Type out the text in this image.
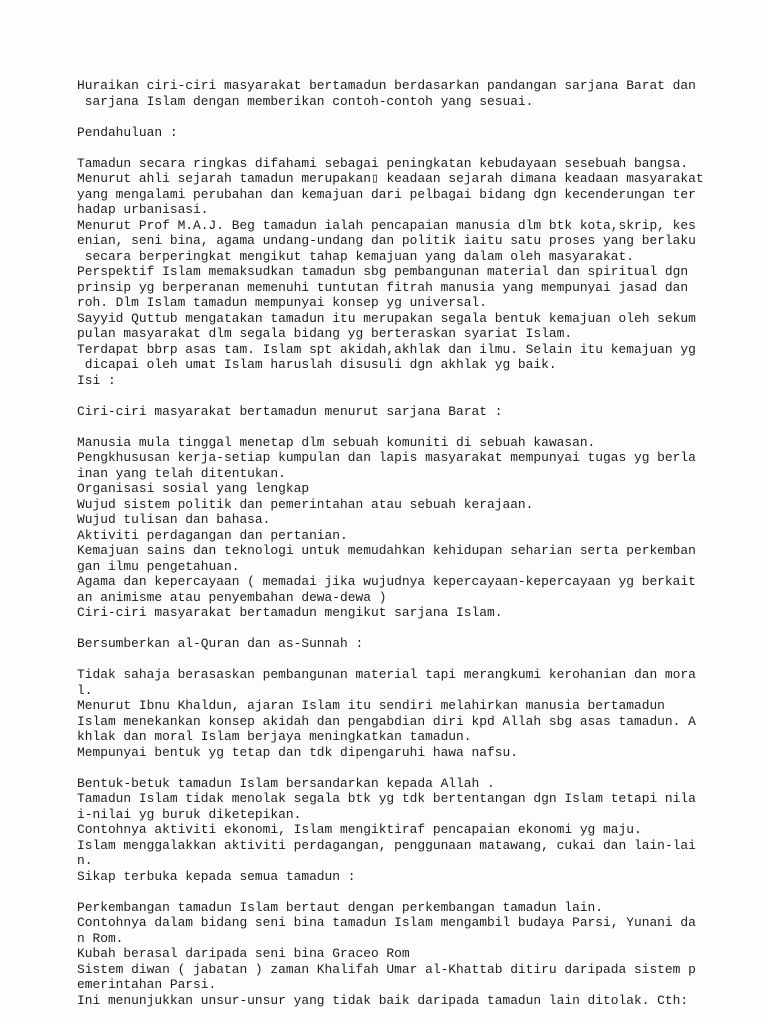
Huraikan ciri-ciri masyarakat bertamadun berdasarkan pandangan sarjana Barat dan
sarjana Islam dengan memberikan contoh-contoh yang sesuai.
Pendahuluan :
Tamadun secara ringkas difahami sebagai peningkatan kebudayaan sesebuah bangsa.
Menurut ahli sejarah tamadun merupakan▯ keadaan sejarah dimana keadaan masyarakat
yang mengalami perubahan dan kemajuan dari pelbagai bidang dgn kecenderungan ter
hadap urbanisasi.
Menurut Prof M.A.J. Beg tamadun ialah pencapaian manusia dlm btk kota,skrip, kes
enian, seni bina, agama undang-undang dan politik iaitu satu proses yang berlaku
secara berperingkat mengikut tahap kemajuan yang dalam oleh masyarakat.
Perspektif Islam memaksudkan tamadun sbg pembangunan material dan spiritual dgn
prinsip yg berperanan memenuhi tuntutan fitrah manusia yang mempunyai jasad dan
roh. Dlm Islam tamadun mempunyai konsep yg universal.
Sayyid Quttub mengatakan tamadun itu merupakan segala bentuk kemajuan oleh sekum
pulan masyarakat dlm segala bidang yg berteraskan syariat Islam.
Terdapat bbrp asas tam. Islam spt akidah,akhlak dan ilmu. Selain itu kemajuan yg
dicapai oleh umat Islam haruslah disusuli dgn akhlak yg baik.
Isi :
Ciri-ciri masyarakat bertamadun menurut sarjana Barat :
Manusia mula tinggal menetap dlm sebuah komuniti di sebuah kawasan.
Pengkhususan kerja-setiap kumpulan dan lapis masyarakat mempunyai tugas yg berla
inan yang telah ditentukan.
Organisasi sosial yang lengkap
Wujud sistem politik dan pemerintahan atau sebuah kerajaan.
Wujud tulisan dan bahasa.
Aktiviti perdagangan dan pertanian.
Kemajuan sains dan teknologi untuk memudahkan kehidupan seharian serta perkemban
gan ilmu pengetahuan.
Agama dan kepercayaan ( memadai jika wujudnya kepercayaan-kepercayaan yg berkait
an animisme atau penyembahan dewa-dewa )
Ciri-ciri masyarakat bertamadun mengikut sarjana Islam.
Bersumberkan al-Quran dan as-Sunnah :
Tidak sahaja berasaskan pembangunan material tapi merangkumi kerohanian dan mora
l.
Menurut Ibnu Khaldun, ajaran Islam itu sendiri melahirkan manusia bertamadun
Islam menekankan konsep akidah dan pengabdian diri kpd Allah sbg asas tamadun. A
khlak dan moral Islam berjaya meningkatkan tamadun.
Mempunyai bentuk yg tetap dan tdk dipengaruhi hawa nafsu.
Bentuk-betuk tamadun Islam bersandarkan kepada Allah .
Tamadun Islam tidak menolak segala btk yg tdk bertentangan dgn Islam tetapi nila
i-nilai yg buruk diketepikan.
Contohnya aktiviti ekonomi, Islam mengiktiraf pencapaian ekonomi yg maju.
Islam menggalakkan aktiviti perdagangan, penggunaan matawang, cukai dan lain-lai
n.
Sikap terbuka kepada semua tamadun :
Perkembangan tamadun Islam bertaut dengan perkembangan tamadun lain.
Contohnya dalam bidang seni bina tamadun Islam mengambil budaya Parsi, Yunani da
n Rom.
Kubah berasal daripada seni bina Graceo Rom
Sistem diwan ( jabatan ) zaman Khalifah Umar al-Khattab ditiru daripada sistem p
emerintahan Parsi.
Ini menunjukkan unsur-unsur yang tidak baik daripada tamadun lain ditolak. Cth:
